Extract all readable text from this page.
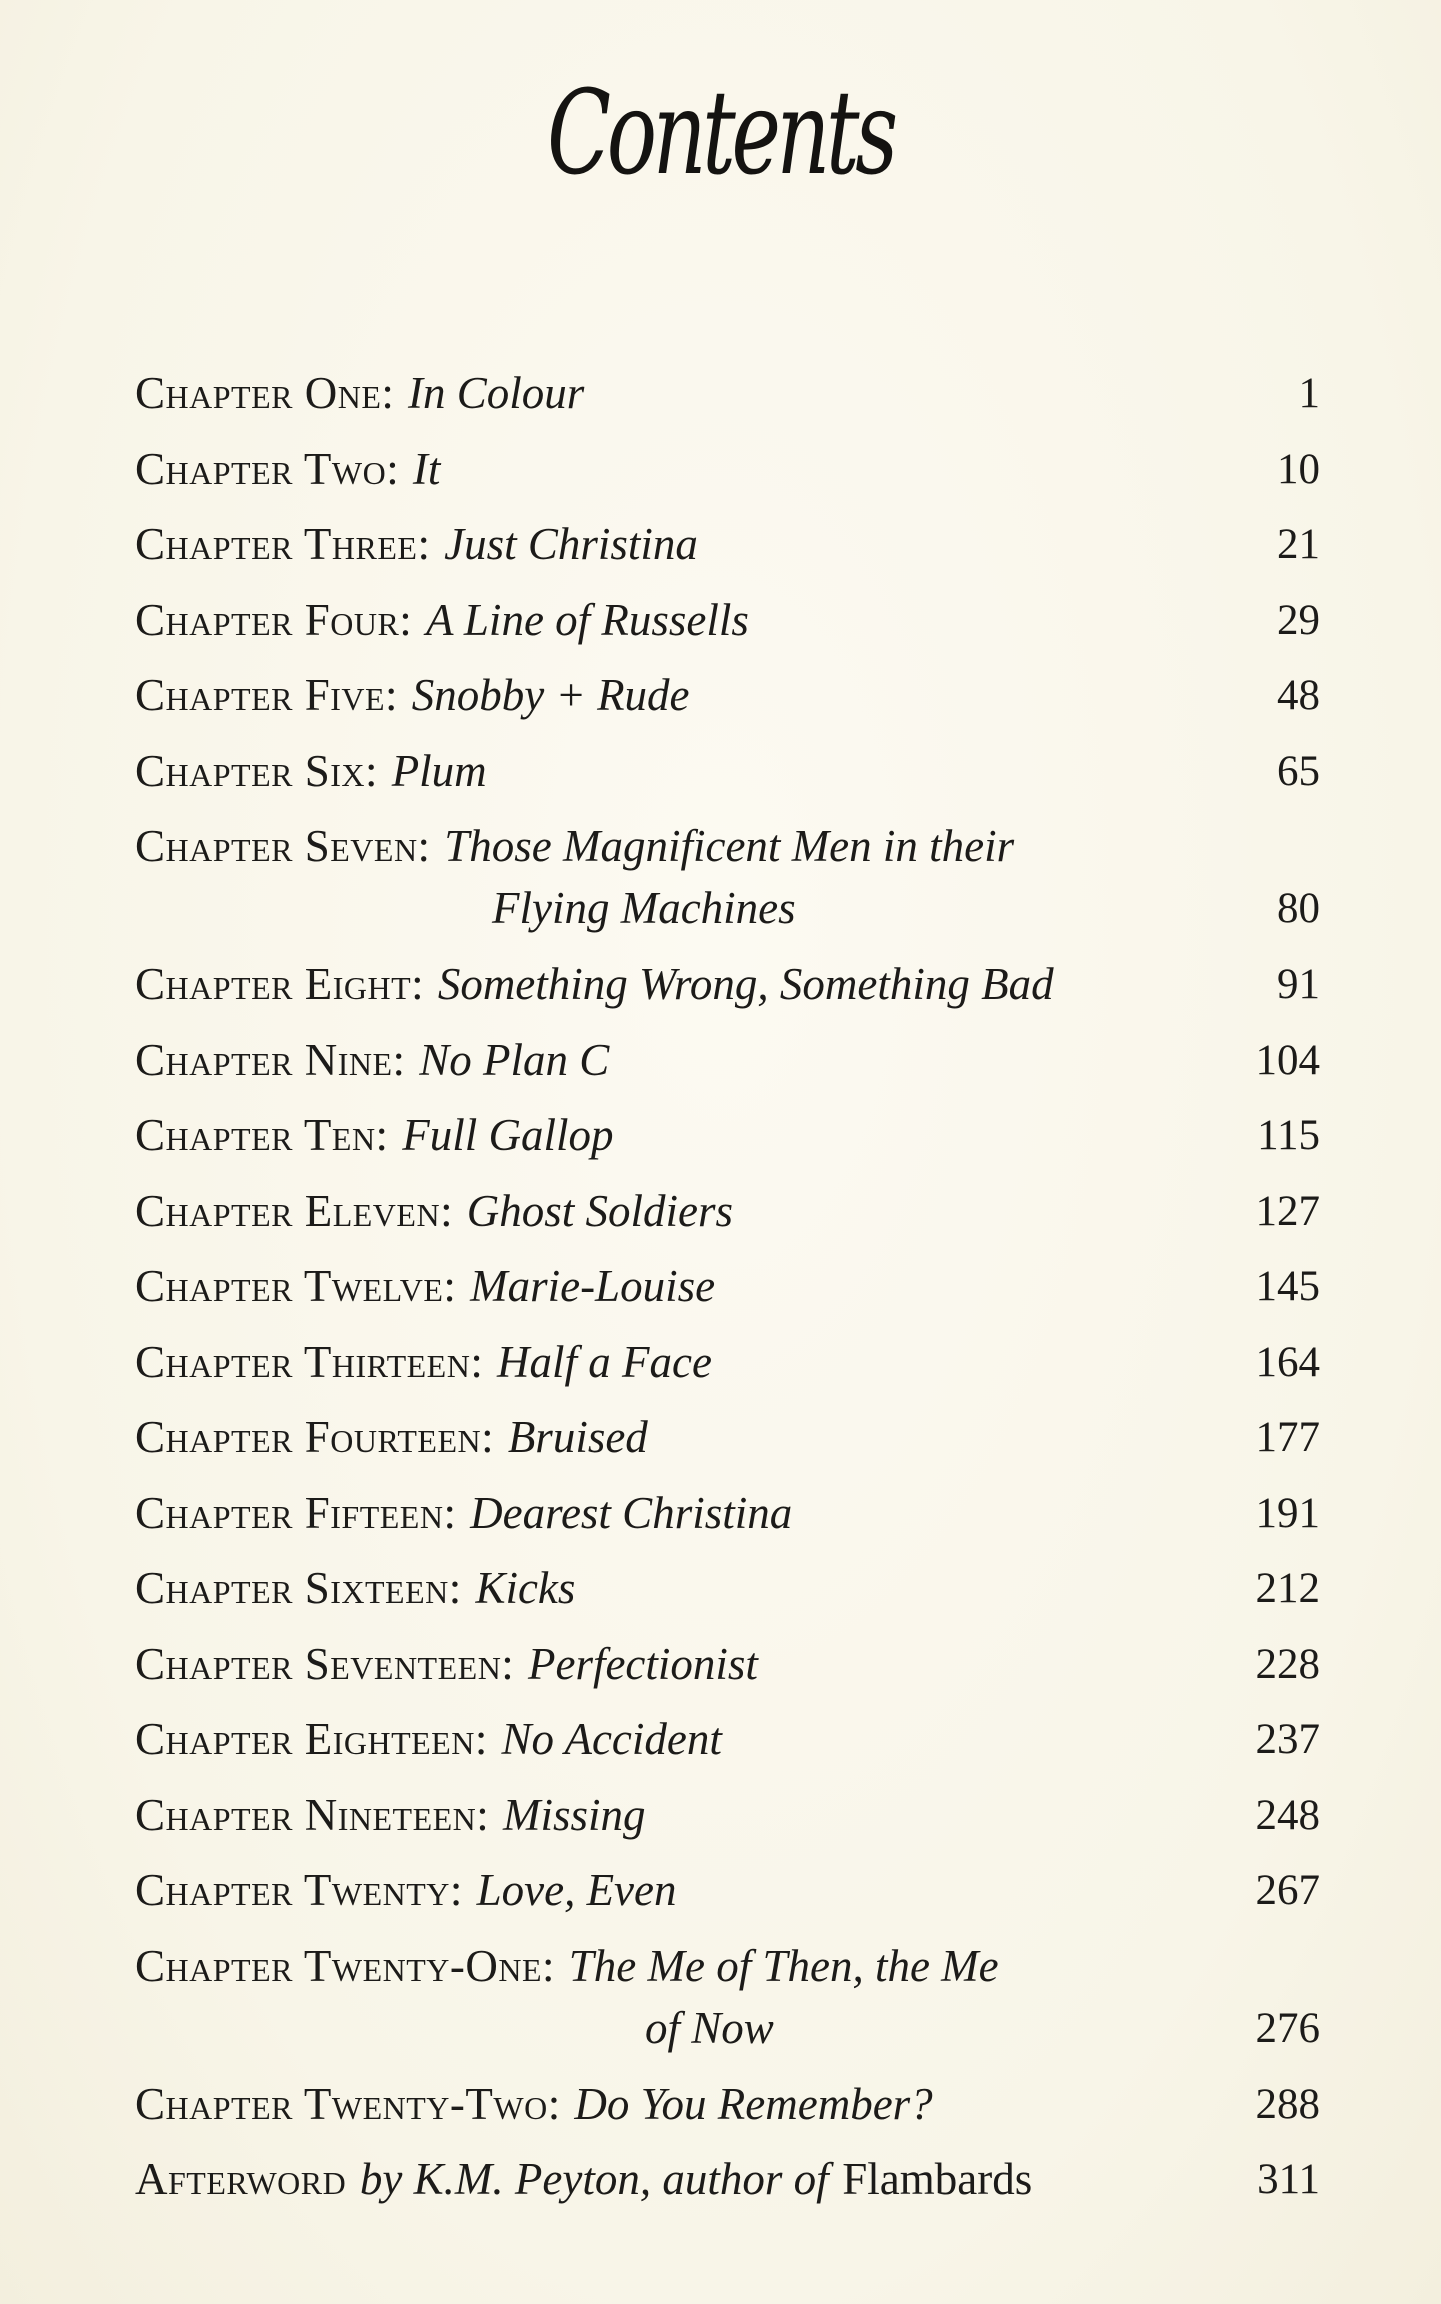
Contents
Chapter One: In Colour	1
Chapter Two: It	10
Chapter Three: Just Christina	21
Chapter Four: A Line of Russells	29
Chapter Five: Snobby + Rude	48
Chapter Six: Plum	65
Chapter Seven: Those Magnificent Men in their
Flying Machines	80
Chapter Eight: Something Wrong, Something Bad	91
Chapter Nine: No Plan C	104
Chapter Ten: Full Gallop	115
Chapter Eleven: Ghost Soldiers	127
Chapter Twelve: Marie-Louise	145
Chapter Thirteen: Half a Face	164
Chapter Fourteen: Bruised	177
Chapter Fifteen: Dearest Christina	191
Chapter Sixteen: Kicks	212
Chapter Seventeen: Perfectionist	228
Chapter Eighteen: No Accident	237
Chapter Nineteen: Missing	248
Chapter Twenty: Love, Even	267
Chapter Twenty-One: The Me of Then, the Me
of Now	276
Chapter Twenty-Two: Do You Remember?	288
Afterword by K.M. Peyton, author of Flambards	311
